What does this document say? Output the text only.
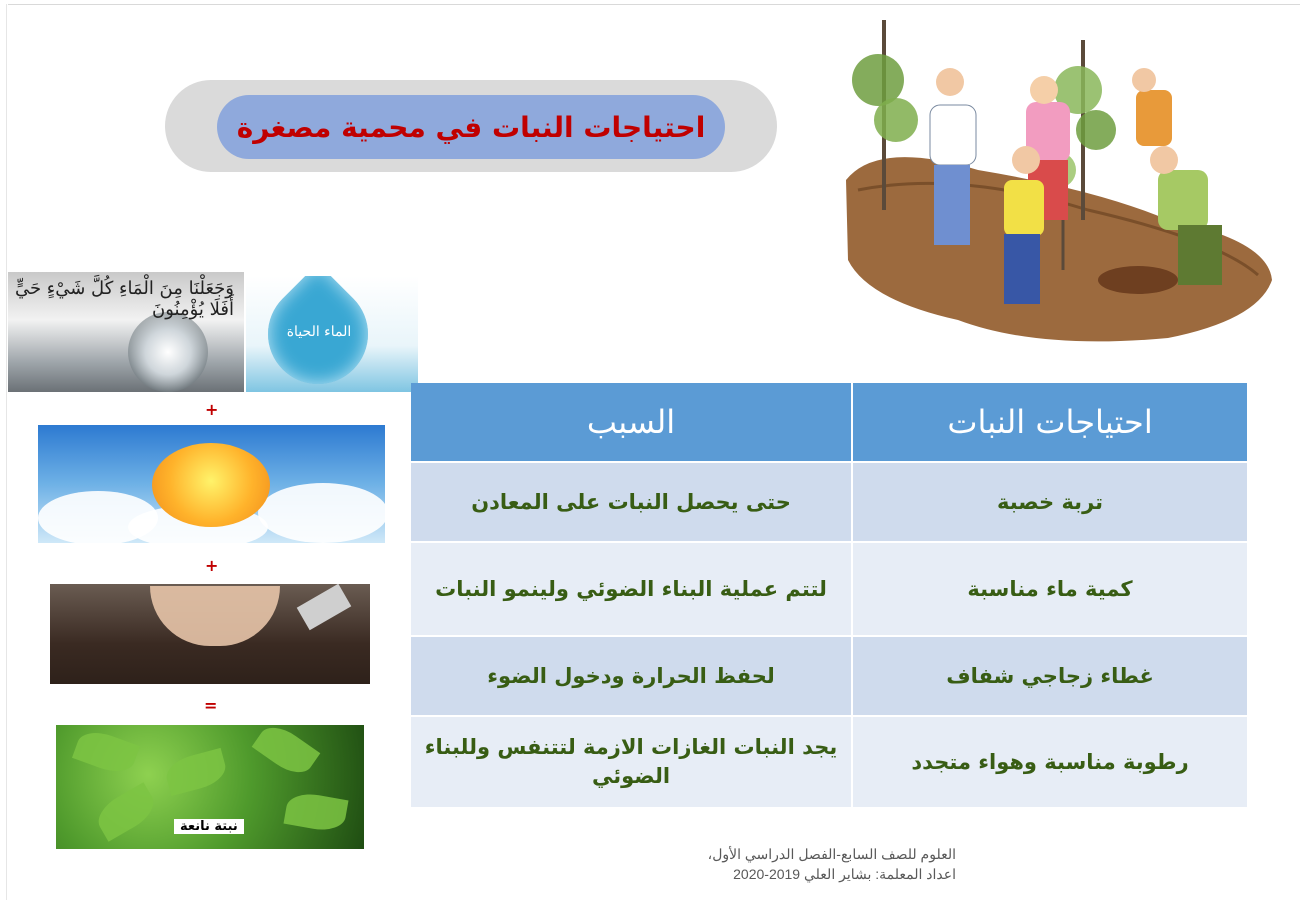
احتياجات النبات في محمية مصغرة
وَجَعَلْنَا مِنَ الْمَاءِ كُلَّ شَيْءٍ حَيٍّ أَفَلَا يُؤْمِنُونَ
الماء الحياة
+
+
=
نبتة نانعة
احتياجات النبات
السبب
تربة خصبة
حتى يحصل النبات على المعادن
كمية ماء مناسبة
لتتم عملية البناء الضوئي ولينمو النبات
غطاء زجاجي شفاف
لحفظ الحرارة ودخول الضوء
رطوبة مناسبة وهواء متجدد
يجد النبات الغازات الازمة لتتنفس وللبناء الضوئي
العلوم للصف السابع-الفصل الدراسي الأول،
اعداد المعلمة: بشاير العلي 2019-2020
